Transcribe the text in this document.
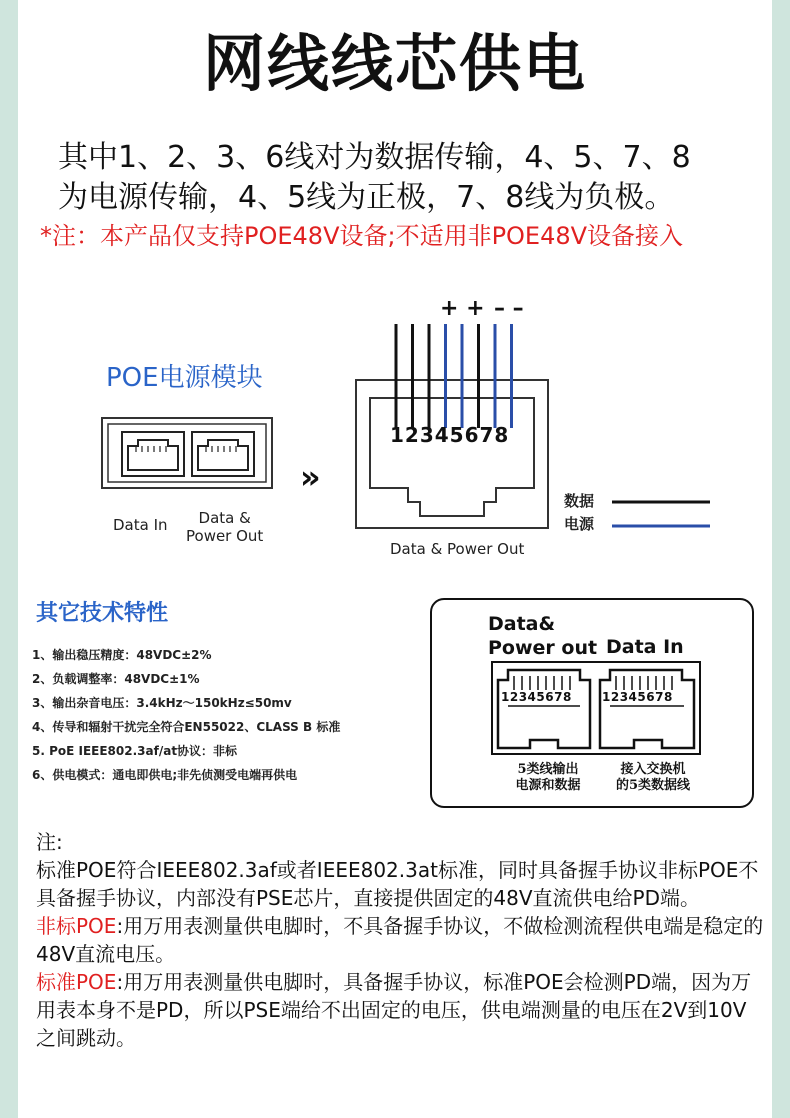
网线线芯供电
其中1、2、3、6线对为数据传输，4、5、7、8
为电源传输，4、5线为正极，7、8线为负极。
*注：本产品仅支持POE48V设备;不适用非POE48V设备接入
POE电源模块
Data In	Data &
Power Out
»
+ + – –
12345678
Data & Power Out
数据
电源
其它技术特性
1、输出稳压精度：48VDC±2%
2、负载调整率：48VDC±1%
3、输出杂音电压：3.4kHz～150kHz≤50mv
4、传导和辐射干扰完全符合EN55022、CLASS B 标准
5. PoE IEEE802.3af/at协议：非标
6、供电模式：通电即供电;非先侦测受电端再供电
Data&
Power out Data In
12345678	12345678
5类线输出
电源和数据
接入交换机
的5类数据线
注:
标准POE符合IEEE802.3af或者IEEE802.3at标准，同时具备握手协议非标POE不具备握手协议，内部没有PSE芯片，直接提供固定的48V直流供电给PD端。
非标POE:用万用表测量供电脚时，不具备握手协议，不做检测流程供电端是稳定的48V直流电压。
标准POE:用万用表测量供电脚时，具备握手协议，标准POE会检测PD端，因为万用表本身不是PD，所以PSE端给不出固定的电压，供电端测量的电压在2V到10V之间跳动。
